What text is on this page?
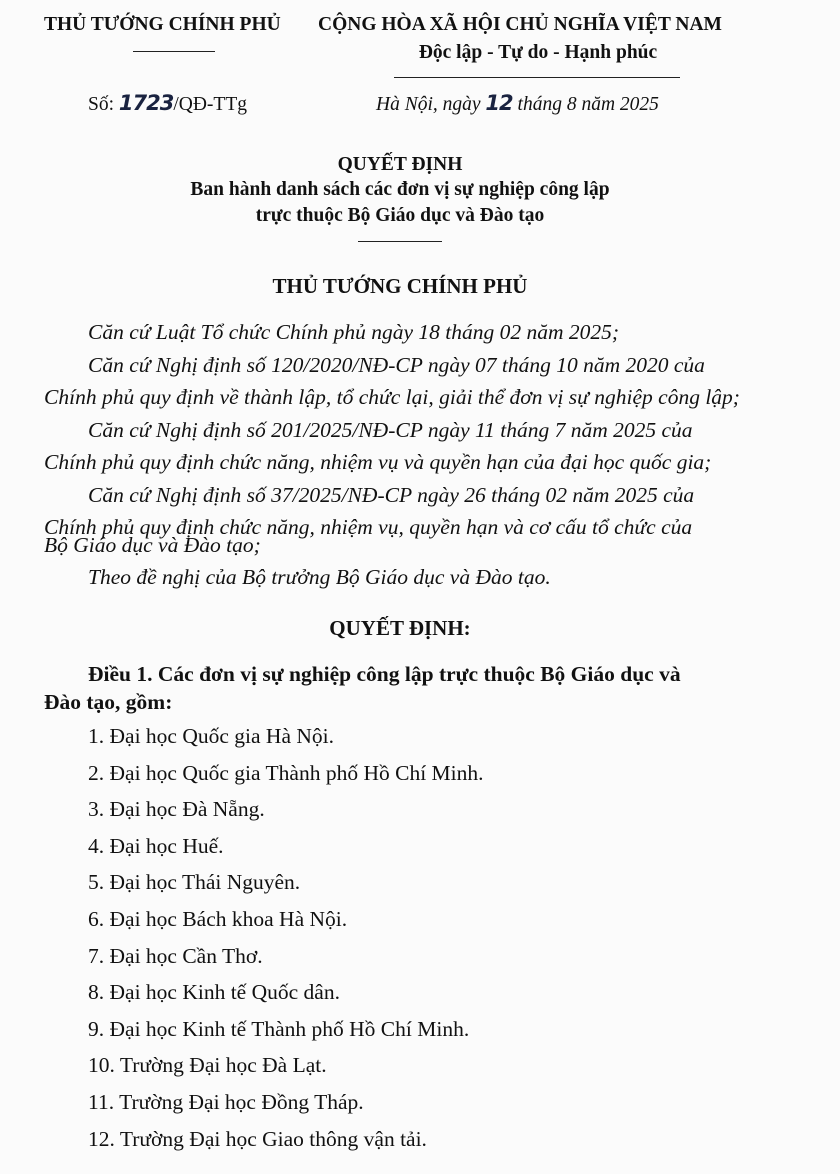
THỦ TƯỚNG CHÍNH PHỦ CỘNG HÒA XÃ HỘI CHỦ NGHĨA VIỆT NAM
Độc lập - Tự do - Hạnh phúc
Số: 1723/QĐ-TTg	Hà Nội, ngày 12 tháng 8 năm 2025
QUYẾT ĐỊNH
Ban hành danh sách các đơn vị sự nghiệp công lập
trực thuộc Bộ Giáo dục và Đào tạo
THỦ TƯỚNG CHÍNH PHỦ
Căn cứ Luật Tổ chức Chính phủ ngày 18 tháng 02 năm 2025;
Căn cứ Nghị định số 120/2020/NĐ-CP ngày 07 tháng 10 năm 2020 của
Chính phủ quy định về thành lập, tổ chức lại, giải thể đơn vị sự nghiệp công lập;
Căn cứ Nghị định số 201/2025/NĐ-CP ngày 11 tháng 7 năm 2025 của
Chính phủ quy định chức năng, nhiệm vụ và quyền hạn của đại học quốc gia;
Căn cứ Nghị định số 37/2025/NĐ-CP ngày 26 tháng 02 năm 2025 của
Chính phủ quy định chức năng, nhiệm vụ, quyền hạn và cơ cấu tổ chức của
Bộ Giáo dục và Đào tạo;
Theo đề nghị của Bộ trưởng Bộ Giáo dục và Đào tạo.
QUYẾT ĐỊNH:
Điều 1. Các đơn vị sự nghiệp công lập trực thuộc Bộ Giáo dục và
Đào tạo, gồm:
1. Đại học Quốc gia Hà Nội.
2. Đại học Quốc gia Thành phố Hồ Chí Minh.
3. Đại học Đà Nẵng.
4. Đại học Huế.
5. Đại học Thái Nguyên.
6. Đại học Bách khoa Hà Nội.
7. Đại học Cần Thơ.
8. Đại học Kinh tế Quốc dân.
9. Đại học Kinh tế Thành phố Hồ Chí Minh.
10. Trường Đại học Đà Lạt.
11. Trường Đại học Đồng Tháp.
12. Trường Đại học Giao thông vận tải.
